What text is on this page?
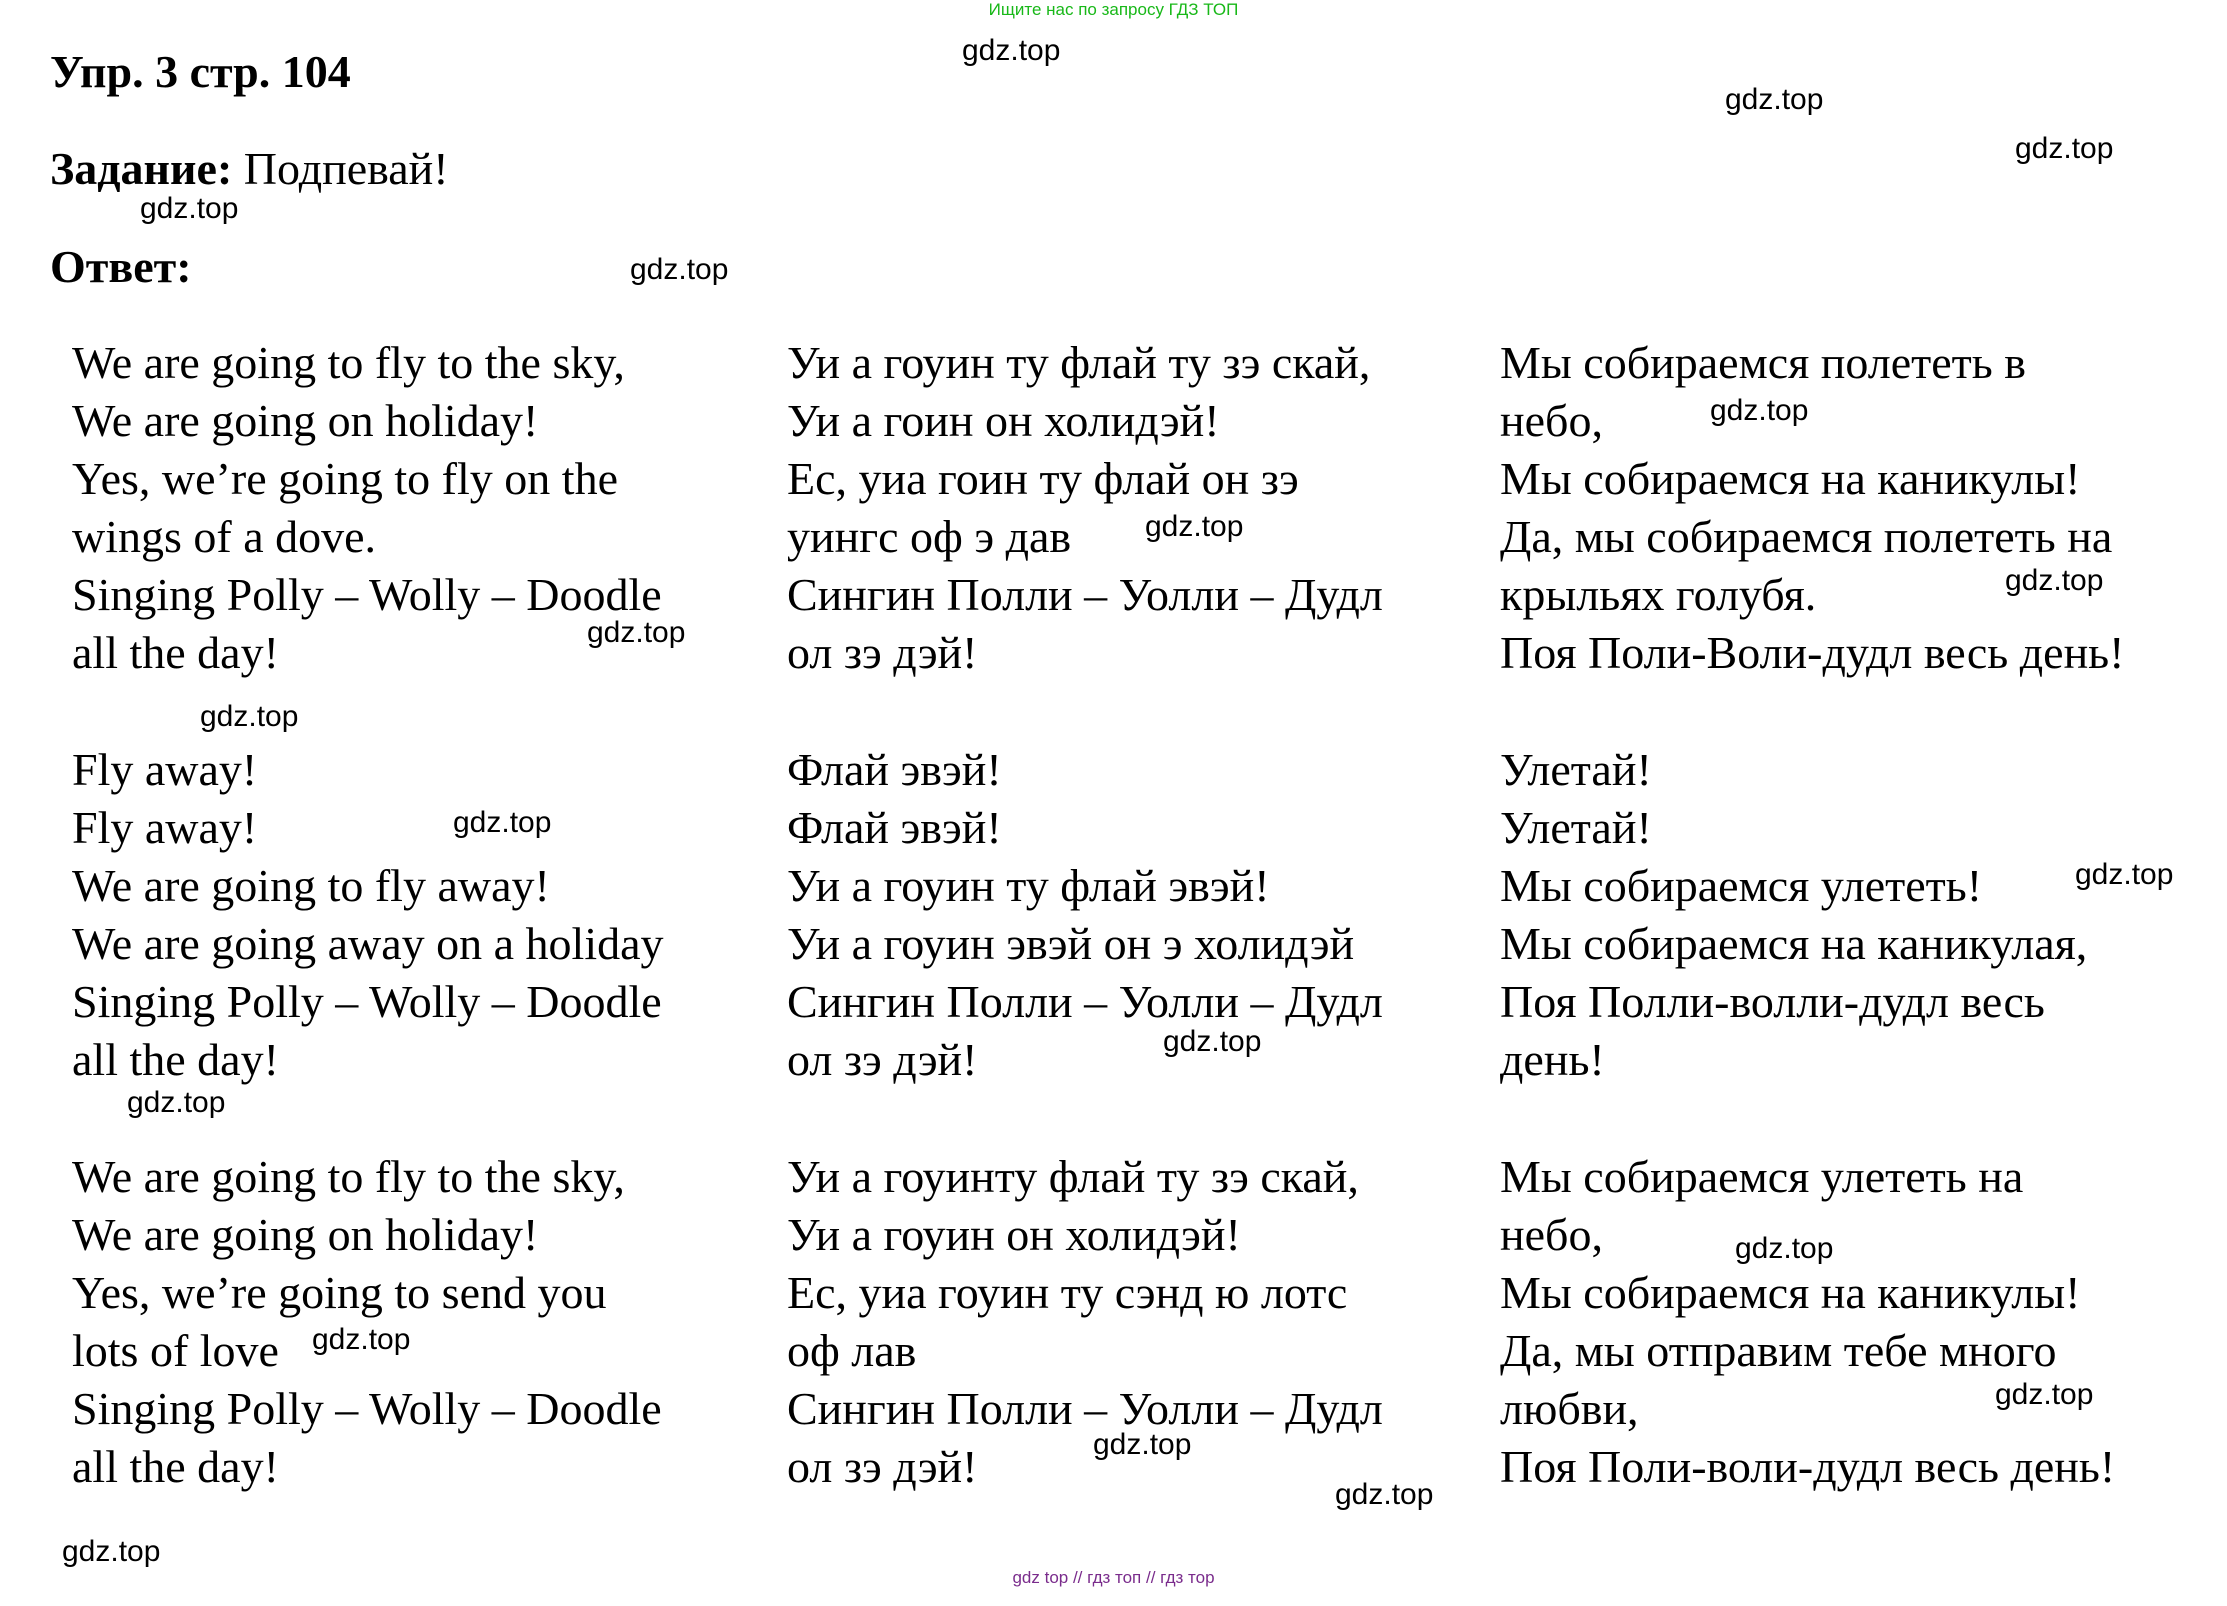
Ищите нас по запросу ГДЗ ТОП
Упр. 3 стр. 104
Задание: Подпевай!
Ответ:
We are going to fly to the sky,
We are going on holiday!
Yes, we’re going to fly on the
wings of a dove.
Singing Polly – Wolly – Doodle
all the day!
Fly away!
Fly away!
We are going to fly away!
We are going away on a holiday
Singing Polly – Wolly – Doodle
all the day!
We are going to fly to the sky,
We are going on holiday!
Yes, we’re going to send you
lots of love
Singing Polly – Wolly – Doodle
all the day!
Уи а гоуин ту флай ту зэ скай,
Уи а гоин он холидэй!
Ес, уиа гоин ту флай он зэ
уингс оф э дав
Сингин Полли – Уолли – Дудл
ол зэ дэй!
Флай эвэй!
Флай эвэй!
Уи а гоуин ту флай эвэй!
Уи а гоуин эвэй он э холидэй
Сингин Полли – Уолли – Дудл
ол зэ дэй!
Уи а гоуинту флай ту зэ скай,
Уи а гоуин он холидэй!
Ес, уиа гоуин ту сэнд ю лотс
оф лав
Сингин Полли – Уолли – Дудл
ол зэ дэй!
Мы собираемся полететь в
небо,
Мы собираемся на каникулы!
Да, мы собираемся полететь на
крыльях голубя.
Поя Поли-Воли-дудл весь день!
Улетай!
Улетай!
Мы собираемся улететь!
Мы собираемся на каникулая,
Поя Полли-волли-дудл весь
день!
Мы собираемся улететь на
небо,
Мы собираемся на каникулы!
Да, мы отправим тебе много
любви,
Поя Поли-воли-дудл весь день!
gdz.top
gdz.top
gdz.top
gdz.top
gdz.top
gdz.top
gdz.top
gdz.top
gdz.top
gdz.top
gdz.top
gdz.top
gdz.top
gdz.top
gdz.top
gdz.top
gdz.top
gdz.top
gdz.top
gdz.top
gdz top // гдз топ // гдз тор
